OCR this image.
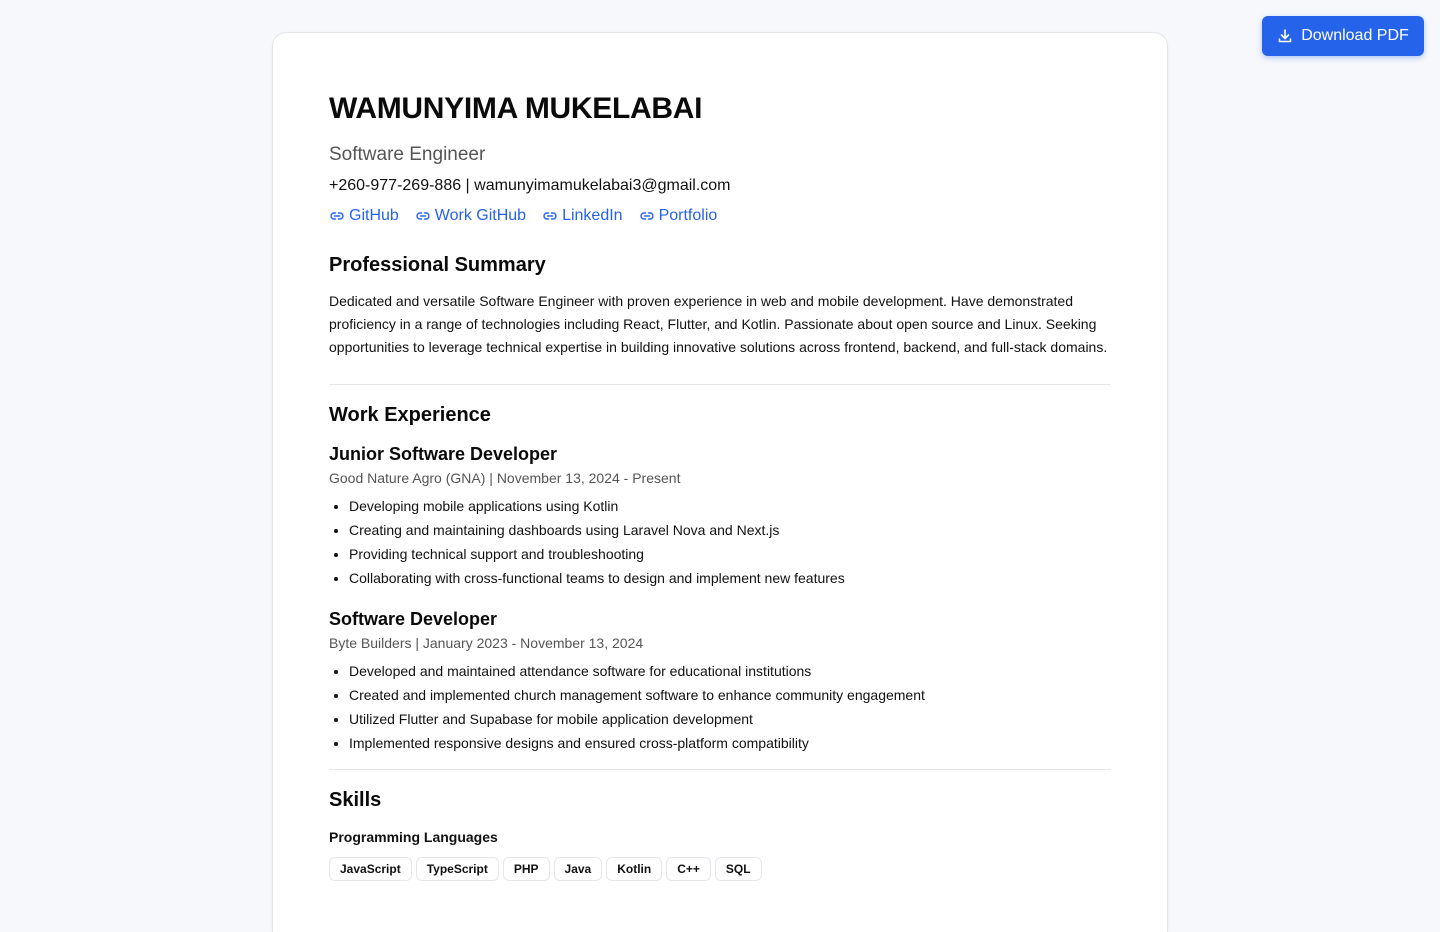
Download PDF
WAMUNYIMA MUKELABAI
Software Engineer
+260-977-269-886 | wamunyimamukelabai3@gmail.com
GitHub Work GitHub LinkedIn Portfolio
Professional Summary

Dedicated and versatile Software Engineer with proven experience in web and mobile development. Have demonstrated proficiency in a range of technologies including React, Flutter, and Kotlin. Passionate about open source and Linux. Seeking opportunities to leverage technical expertise in building innovative solutions across frontend, backend, and full-stack domains.

Work Experience
Junior Software Developer
Good Nature Agro (GNA) | November 13, 2024 - Present
• Developing mobile applications using Kotlin
• Creating and maintaining dashboards using Laravel Nova and Next.js
• Providing technical support and troubleshooting
• Collaborating with cross-functional teams to design and implement new features
Software Developer
Byte Builders | January 2023 - November 13, 2024
• Developed and maintained attendance software for educational institutions
• Created and implemented church management software to enhance community engagement
• Utilized Flutter and Supabase for mobile application development
• Implemented responsive designs and ensured cross-platform compatibility
Skills
Programming Languages
JavaScript	TypeScript	PHP	Java	Kotlin	C++	SQL
